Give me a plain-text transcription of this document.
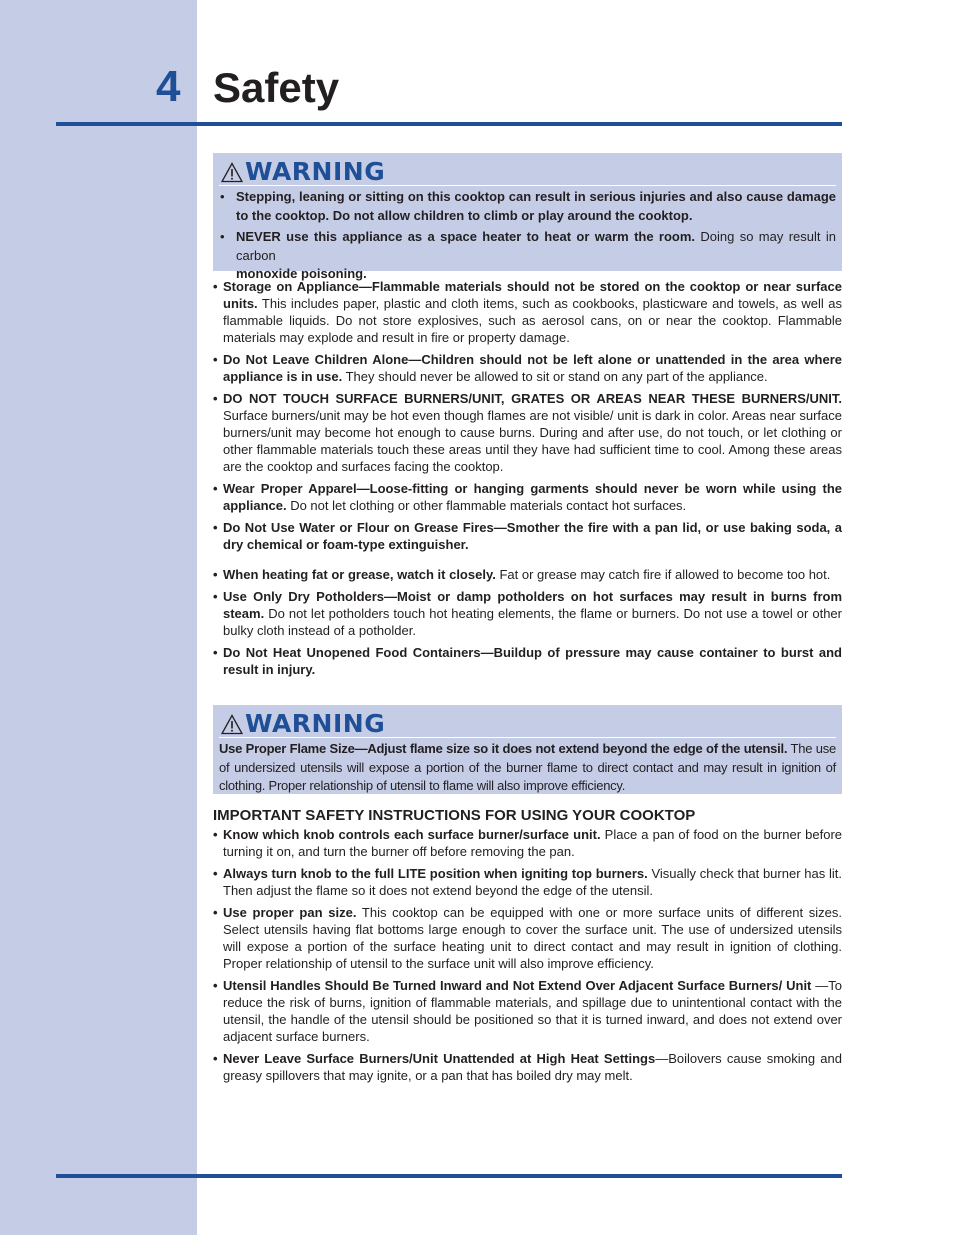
4 Safety
WARNING
• Stepping, leaning or sitting on this cooktop can result in serious injuries and also cause damage to the cooktop. Do not allow children to climb or play around the cooktop.
• NEVER use this appliance as a space heater to heat or warm the room. Doing so may result in carbon
monoxide poisoning.
• Storage on Appliance—Flammable materials should not be stored on the cooktop or near surface units. This includes paper, plastic and cloth items, such as cookbooks, plasticware and towels, as well as flammable liquids. Do not store explosives, such as aerosol cans, on or near the cooktop. Flammable materials may explode and result in fire or property damage.
• Do Not Leave Children Alone—Children should not be left alone or unattended in the area where appliance is in use. They should never be allowed to sit or stand on any part of the appliance.
• DO NOT TOUCH SURFACE BURNERS/UNIT, GRATES OR AREAS NEAR THESE BURNERS/UNIT. Surface burners/unit may be hot even though flames are not visible/ unit is dark in color. Areas near surface burners/unit may become hot enough to cause burns. During and after use, do not touch, or let clothing or other flammable materials touch these areas until they have had sufficient time to cool. Among these areas are the cooktop and surfaces facing the cooktop.
• Wear Proper Apparel—Loose-fitting or hanging garments should never be worn while using the appliance. Do not let clothing or other flammable materials contact hot surfaces.
• Do Not Use Water or Flour on Grease Fires—Smother the fire with a pan lid, or use baking soda, a dry chemical or foam-type extinguisher.
• When heating fat or grease, watch it closely. Fat or grease may catch fire if allowed to become too hot.
• Use Only Dry Potholders—Moist or damp potholders on hot surfaces may result in burns from steam. Do not let potholders touch hot heating elements, the flame or burners. Do not use a towel or other bulky cloth instead of a potholder.
• Do Not Heat Unopened Food Containers—Buildup of pressure may cause container to burst and result in injury.
WARNING

Use Proper Flame Size—Adjust flame size so it does not extend beyond the edge of the utensil. The use of undersized utensils will expose a portion of the burner flame to direct contact and may result in ignition of clothing. Proper relationship of utensil to flame will also improve efficiency.

IMPORTANT SAFETY INSTRUCTIONS FOR USING YOUR COOKTOP
• Know which knob controls each surface burner/surface unit. Place a pan of food on the burner before turning it on, and turn the burner off before removing the pan.
• Always turn knob to the full LITE position when igniting top burners. Visually check that burner has lit. Then adjust the flame so it does not extend beyond the edge of the utensil.
• Use proper pan size. This cooktop can be equipped with one or more surface units of different sizes. Select utensils having flat bottoms large enough to cover the surface unit. The use of undersized utensils will expose a portion of the surface heating unit to direct contact and may result in ignition of clothing. Proper relationship of utensil to the surface unit will also improve efficiency.
• Utensil Handles Should Be Turned Inward and Not Extend Over Adjacent Surface Burners/ Unit —To reduce the risk of burns, ignition of flammable materials, and spillage due to unintentional contact with the utensil, the handle of the utensil should be positioned so that it is turned inward, and does not extend over adjacent surface burners.
• Never Leave Surface Burners/Unit Unattended at High Heat Settings—Boilovers cause smoking and greasy spillovers that may ignite, or a pan that has boiled dry may melt.
